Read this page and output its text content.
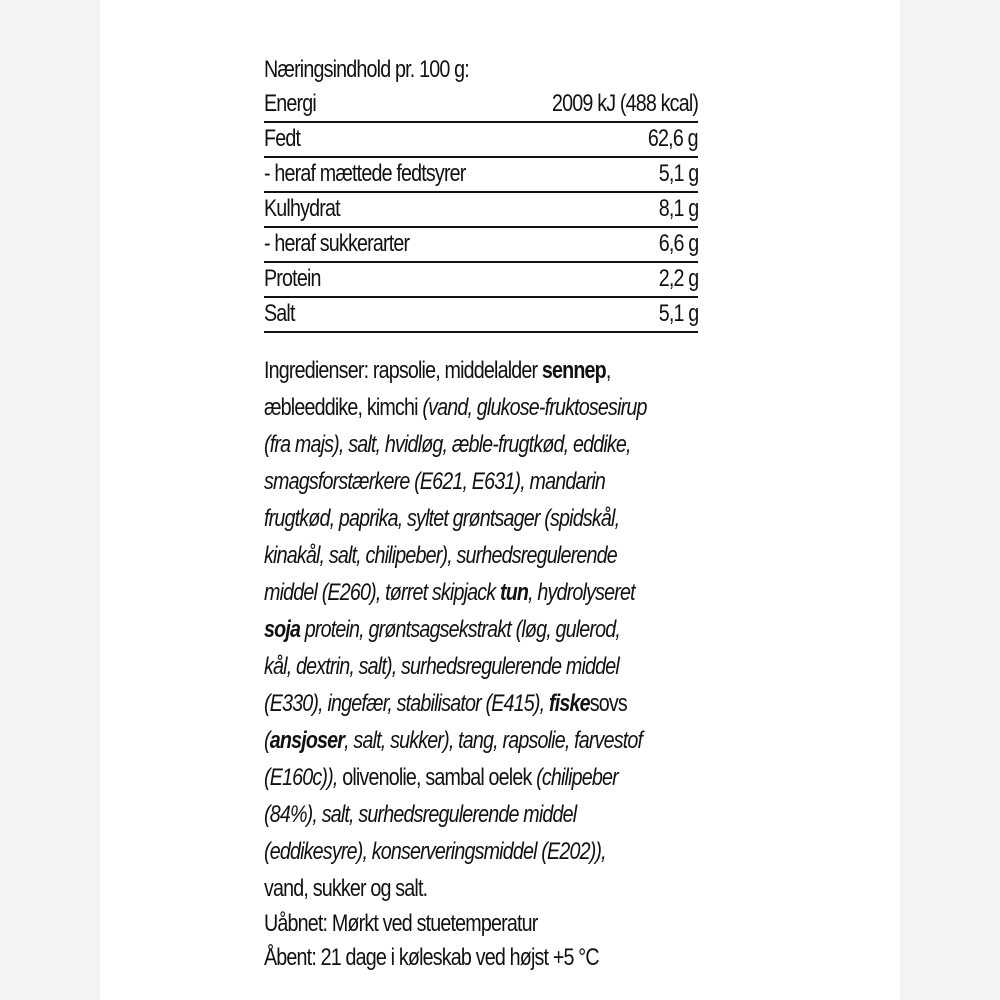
Næringsindhold pr. 100 g:
Energi	2009 kJ (488 kcal)
Fedt	62,6 g
- heraf mættede fedtsyrer	5,1 g
Kulhydrat	8,1 g
- heraf sukkerarter	6,6 g
Protein	2,2 g
Salt	5,1 g
Ingredienser: rapsolie, middelalder sennep,
æbleeddike, kimchi (vand, glukose-fruktosesirup
(fra majs), salt, hvidløg, æble-frugtkød, eddike,
smagsforstærkere (E621, E631), mandarin
frugtkød, paprika, syltet grøntsager (spidskål,
kinakål, salt, chilipeber), surhedsregulerende
middel (E260), tørret skipjack tun, hydrolyseret
soja protein, grøntsagsekstrakt (løg, gulerod,
kål, dextrin, salt), surhedsregulerende middel
(E330), ingefær, stabilisator (E415), fiskesovs
(ansjoser, salt, sukker), tang, rapsolie, farvestof
(E160c)), olivenolie, sambal oelek (chilipeber
(84%), salt, surhedsregulerende middel
(eddikesyre), konserveringsmiddel (E202)),
vand, sukker og salt.
Uåbnet: Mørkt ved stuetemperatur
Åbent: 21 dage i køleskab ved højst +5 °C
